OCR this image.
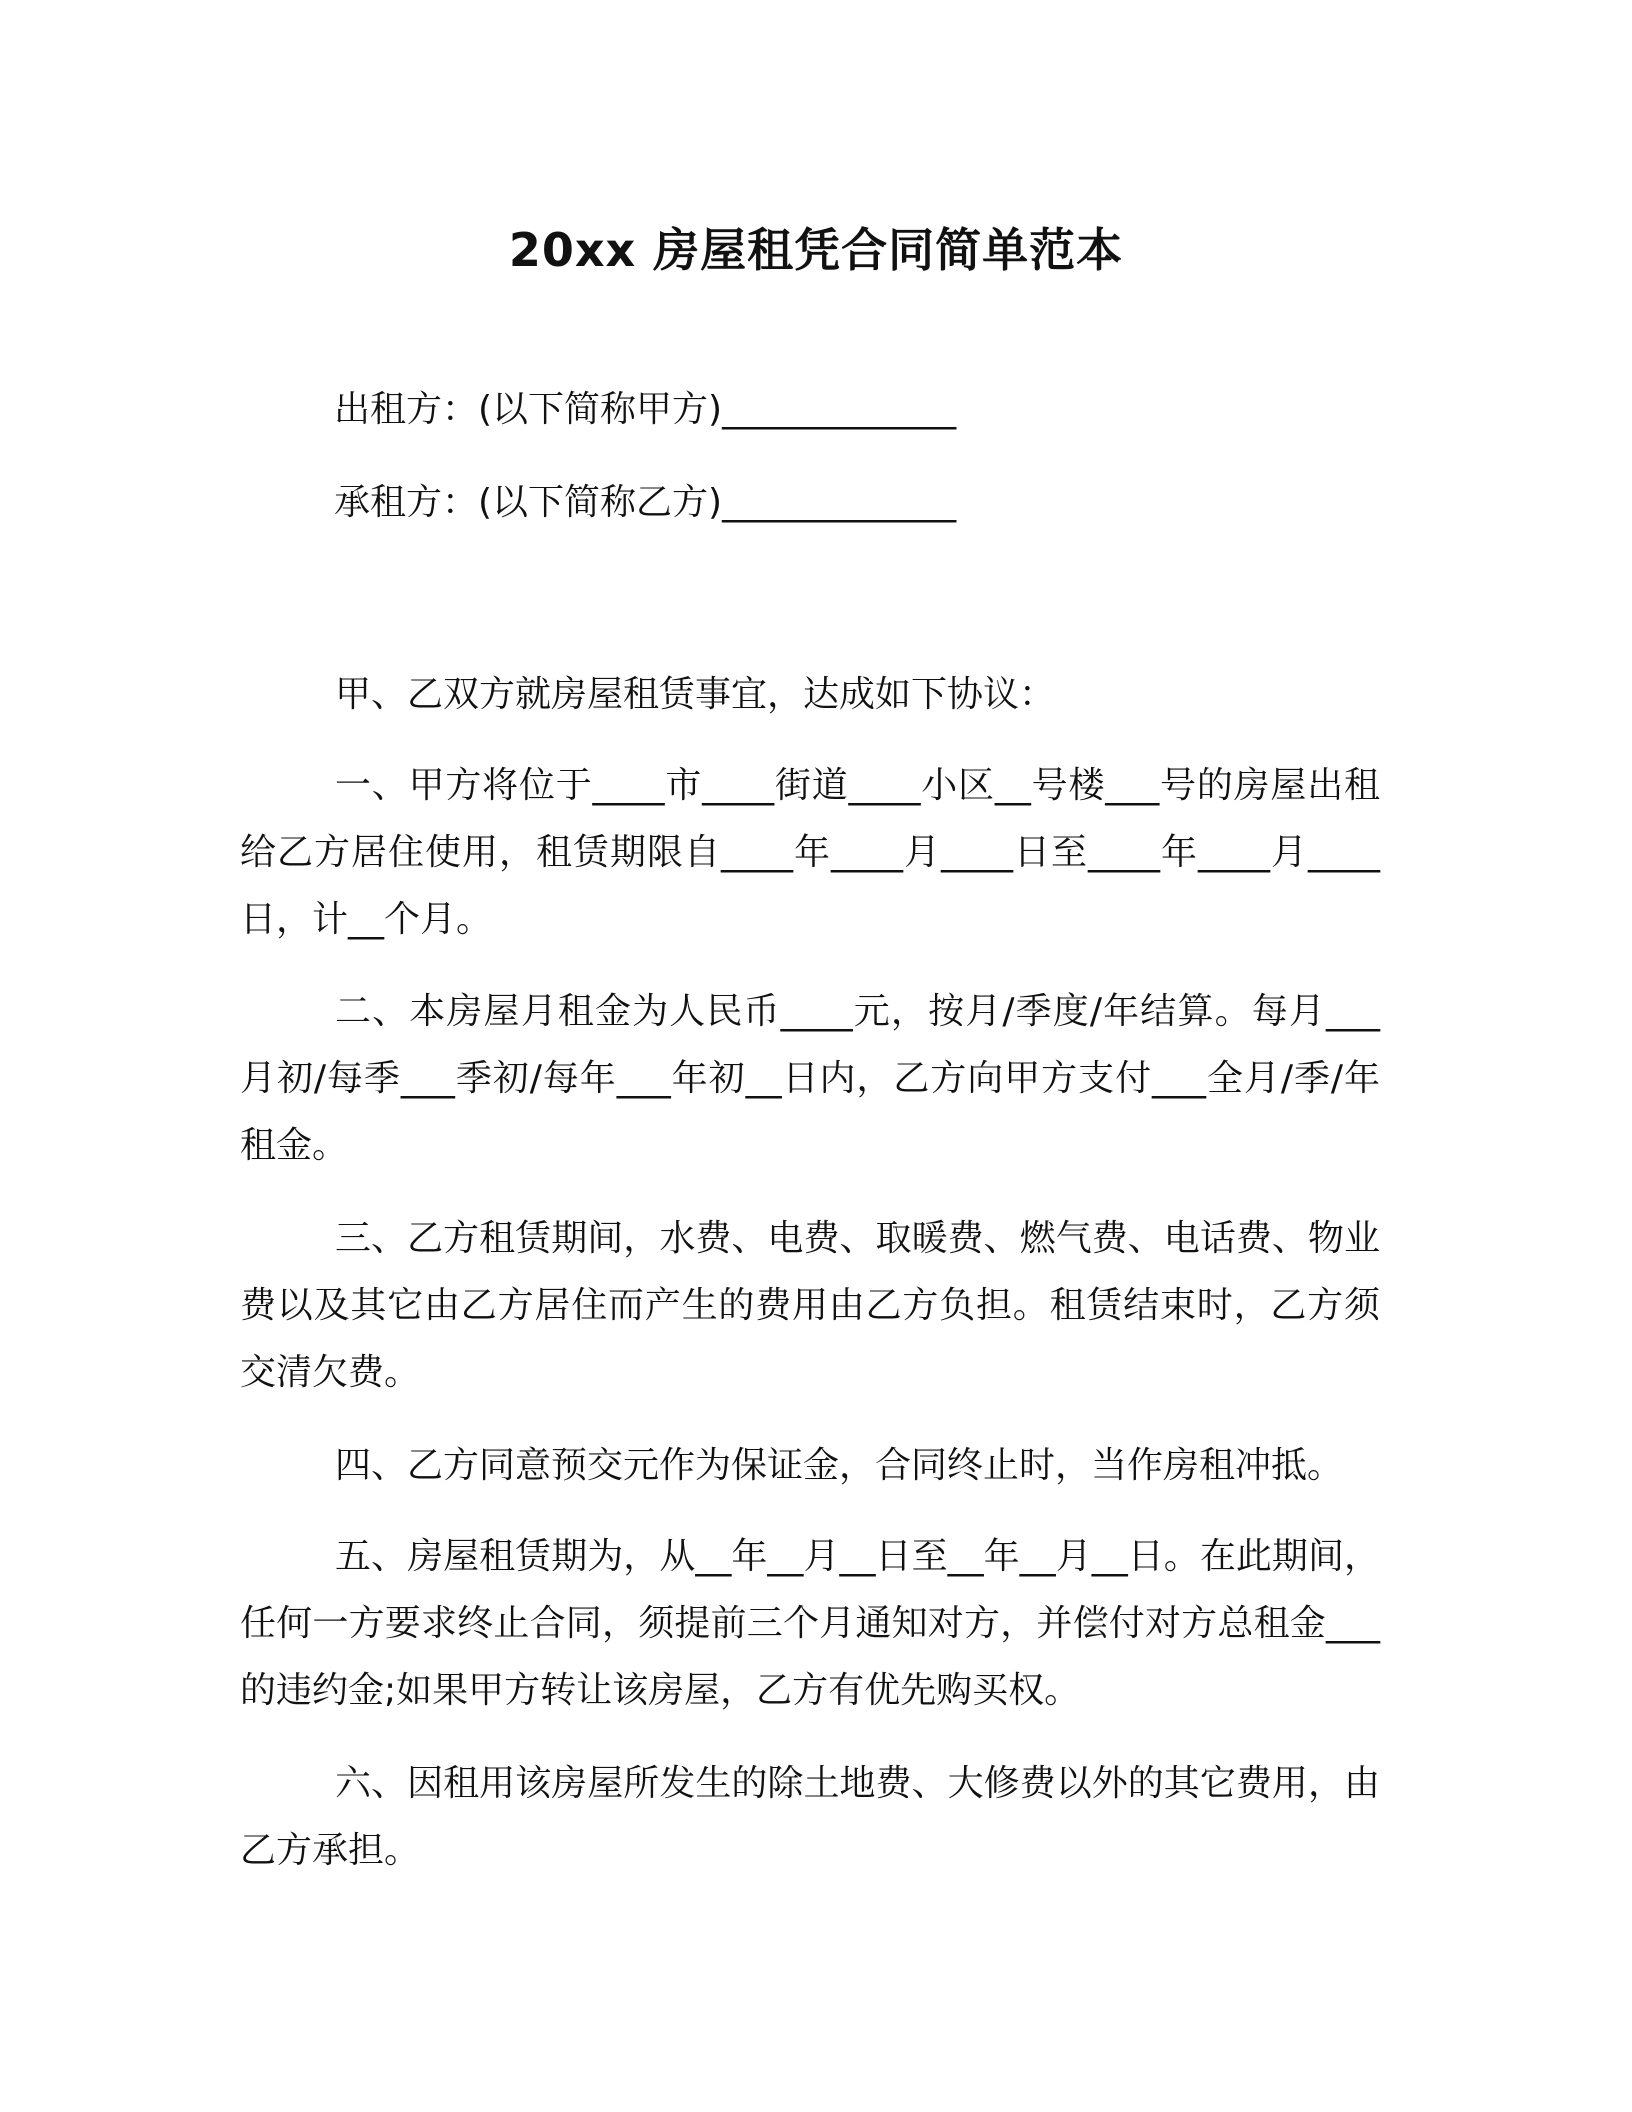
20xx 房屋租凭合同简单范本
出租方：(以下简称甲方)_____________
承租方：(以下简称乙方)_____________
甲、乙双方就房屋租赁事宜，达成如下协议：
一、甲方将位于____市____街道____小区__号楼___号的房屋出租给乙方居住使用，租赁期限自____年____月____日至____年____月____日，计__个月。
二、本房屋月租金为人民币____元，按月/季度/年结算。每月___月初/每季___季初/每年___年初__日内，乙方向甲方支付___全月/季/年租金。
三、乙方租赁期间，水费、电费、取暖费、燃气费、电话费、物业费以及其它由乙方居住而产生的费用由乙方负担。租赁结束时，乙方须交清欠费。
四、乙方同意预交元作为保证金，合同终止时，当作房租冲抵。
五、房屋租赁期为，从__年__月__日至__年__月__日。在此期间，任何一方要求终止合同，须提前三个月通知对方，并偿付对方总租金___的违约金;如果甲方转让该房屋，乙方有优先购买权。
六、因租用该房屋所发生的除土地费、大修费以外的其它费用，由乙方承担。
